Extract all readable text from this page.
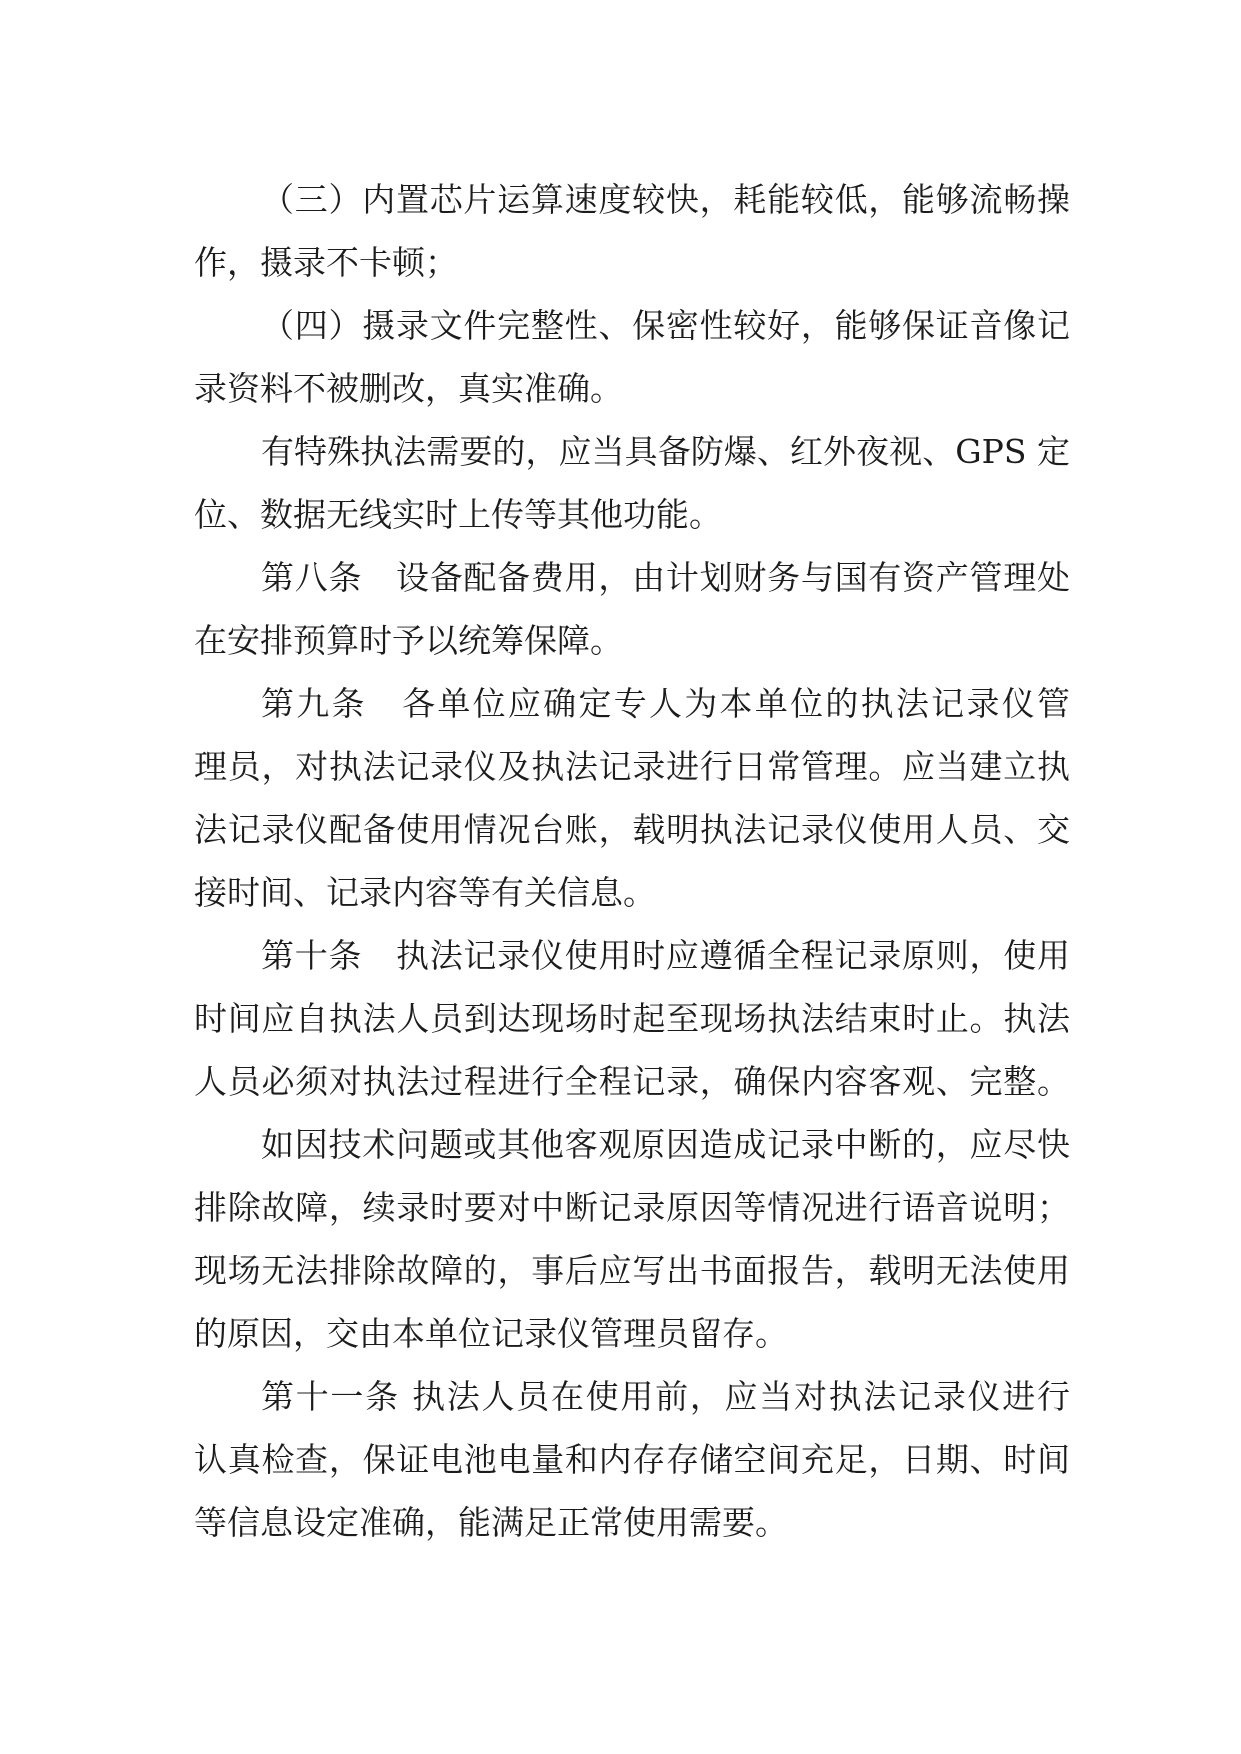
（三）内置芯片运算速度较快，耗能较低，能够流畅操
作，摄录不卡顿；
（四）摄录文件完整性、保密性较好，能够保证音像记
录资料不被删改，真实准确。
有特殊执法需要的，应当具备防爆、红外夜视、GPS 定
位、数据无线实时上传等其他功能。
第八条　设备配备费用，由计划财务与国有资产管理处
在安排预算时予以统筹保障。
第九条　各单位应确定专人为本单位的执法记录仪管
理员，对执法记录仪及执法记录进行日常管理。应当建立执
法记录仪配备使用情况台账，载明执法记录仪使用人员、交
接时间、记录内容等有关信息。
第十条　执法记录仪使用时应遵循全程记录原则，使用
时间应自执法人员到达现场时起至现场执法结束时止。执法
人员必须对执法过程进行全程记录，确保内容客观、完整。
如因技术问题或其他客观原因造成记录中断的，应尽快
排除故障，续录时要对中断记录原因等情况进行语音说明；
现场无法排除故障的，事后应写出书面报告，载明无法使用
的原因，交由本单位记录仪管理员留存。
第十一条 执法人员在使用前，应当对执法记录仪进行
认真检查，保证电池电量和内存存储空间充足，日期、时间
等信息设定准确，能满足正常使用需要。
